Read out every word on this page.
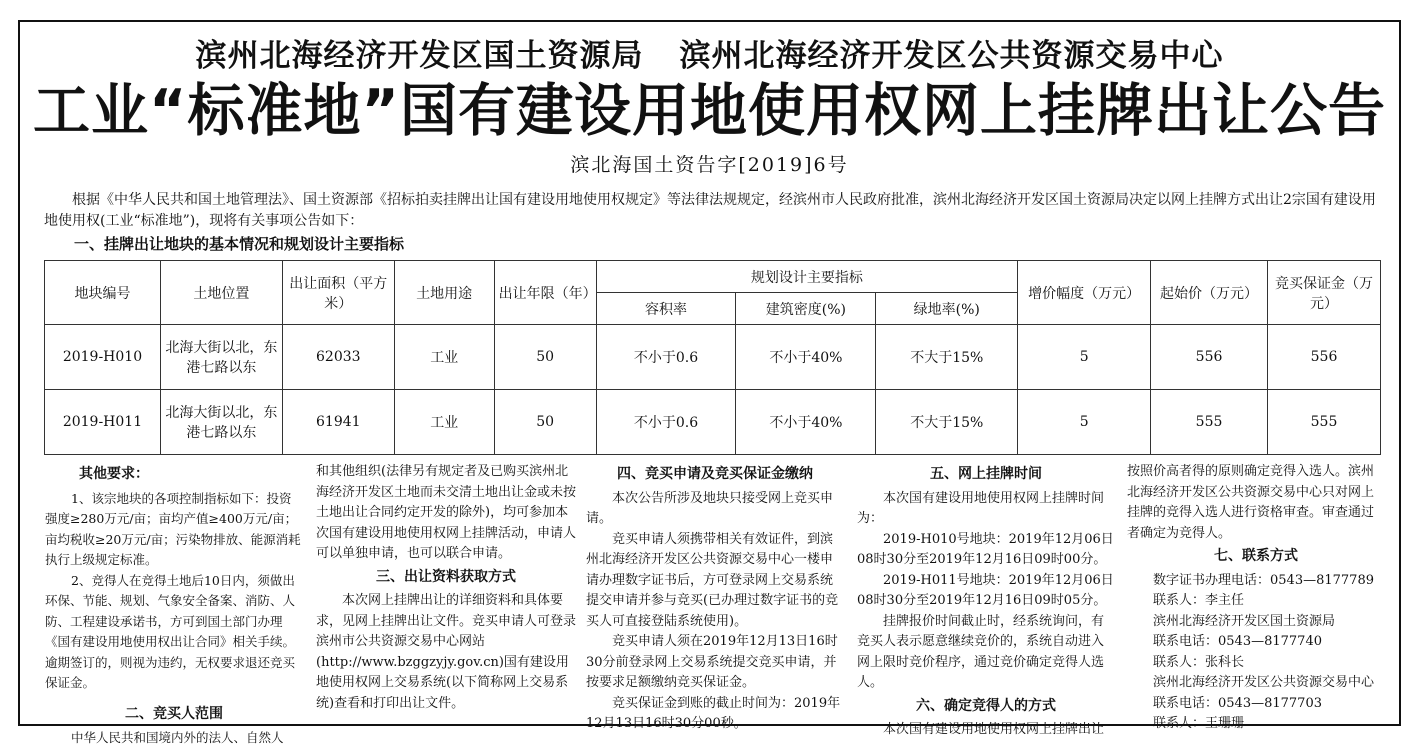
滨州北海经济开发区国土资源局 滨州北海经济开发区公共资源交易中心
工业“标准地”国有建设用地使用权网上挂牌出让公告
滨北海国土资告字[2019]6号
根据《中华人民共和国土地管理法》、国土资源部《招标拍卖挂牌出让国有建设用地使用权规定》等法律法规规定，经滨州市人民政府批准，滨州北海经济开发区国土资源局决定以网上挂牌方式出让2宗国有建设用地使用权(工业“标准地”)，现将有关事项公告如下：
一、挂牌出让地块的基本情况和规划设计主要指标
地块编号	土地位置	出让面积（平方米）	土地用途	出让年限（年）	规划设计主要指标			增价幅度（万元）	起始价（万元）	竞买保证金（万元）
					容积率	建筑密度(%)	绿地率(%)			
2019-H010	北海大街以北，东港七路以东	62033	工业	50	不小于0.6	不小于40%	不大于15%	5	556	556
2019-H011	北海大街以北，东港七路以东	61941	工业	50	不小于0.6	不小于40%	不大于15%	5	555	555

其他要求：

1、该宗地块的各项控制指标如下：投资强度≥280万元/亩；亩均产值≥400万元/亩；亩均税收≥20万元/亩；污染物排放、能源消耗执行上级规定标准。

2、竞得人在竞得土地后10日内，须做出环保、节能、规划、气象安全备案、消防、人防、工程建设承诺书，方可到国土部门办理《国有建设用地使用权出让合同》相关手续。逾期签订的，则视为违约，无权要求退还竞买保证金。

二、竞买人范围

中华人民共和国境内外的法人、自然人

和其他组织(法律另有规定者及已购买滨州北海经济开发区土地而未交清土地出让金或未按土地出让合同约定开发的除外)，均可参加本次国有建设用地使用权网上挂牌活动，申请人可以单独申请，也可以联合申请。

三、出让资料获取方式

本次网上挂牌出让的详细资料和具体要求，见网上挂牌出让文件。竞买申请人可登录滨州市公共资源交易中心网站(http://www.bzggzyjy.gov.cn)国有建设用地使用权网上交易系统(以下简称网上交易系统)查看和打印出让文件。

四、竞买申请及竞买保证金缴纳

本次公告所涉及地块只接受网上竞买申请。

竞买申请人须携带相关有效证件，到滨州北海经济开发区公共资源交易中心一楼申请办理数字证书后，方可登录网上交易系统提交申请并参与竞买(已办理过数字证书的竞买人可直接登陆系统使用)。

竞买申请人须在2019年12月13日16时30分前登录网上交易系统提交竞买申请，并按要求足额缴纳竞买保证金。

竞买保证金到账的截止时间为：2019年12月13日16时30分00秒。

五、网上挂牌时间

本次国有建设用地使用权网上挂牌时间为：

2019-H010号地块：2019年12月06日08时30分至2019年12月16日09时00分。

2019-H011号地块：2019年12月06日08时30分至2019年12月16日09时05分。

挂牌报价时间截止时，经系统询问，有竞买人表示愿意继续竞价的，系统自动进入网上限时竞价程序，通过竞价确定竞得人选人。

六、确定竞得人的方式

本次国有建设用地使用权网上挂牌出让

按照价高者得的原则确定竞得入选人。滨州北海经济开发区公共资源交易中心只对网上挂牌的竞得入选人进行资格审查。审查通过者确定为竞得人。

七、联系方式

数字证书办理电话：0543—8177789

联系人：李主任

滨州北海经济开发区国土资源局

联系电话：0543—8177740

联系人：张科长

滨州北海经济开发区公共资源交易中心

联系电话：0543—8177703

联系人：王珊珊
